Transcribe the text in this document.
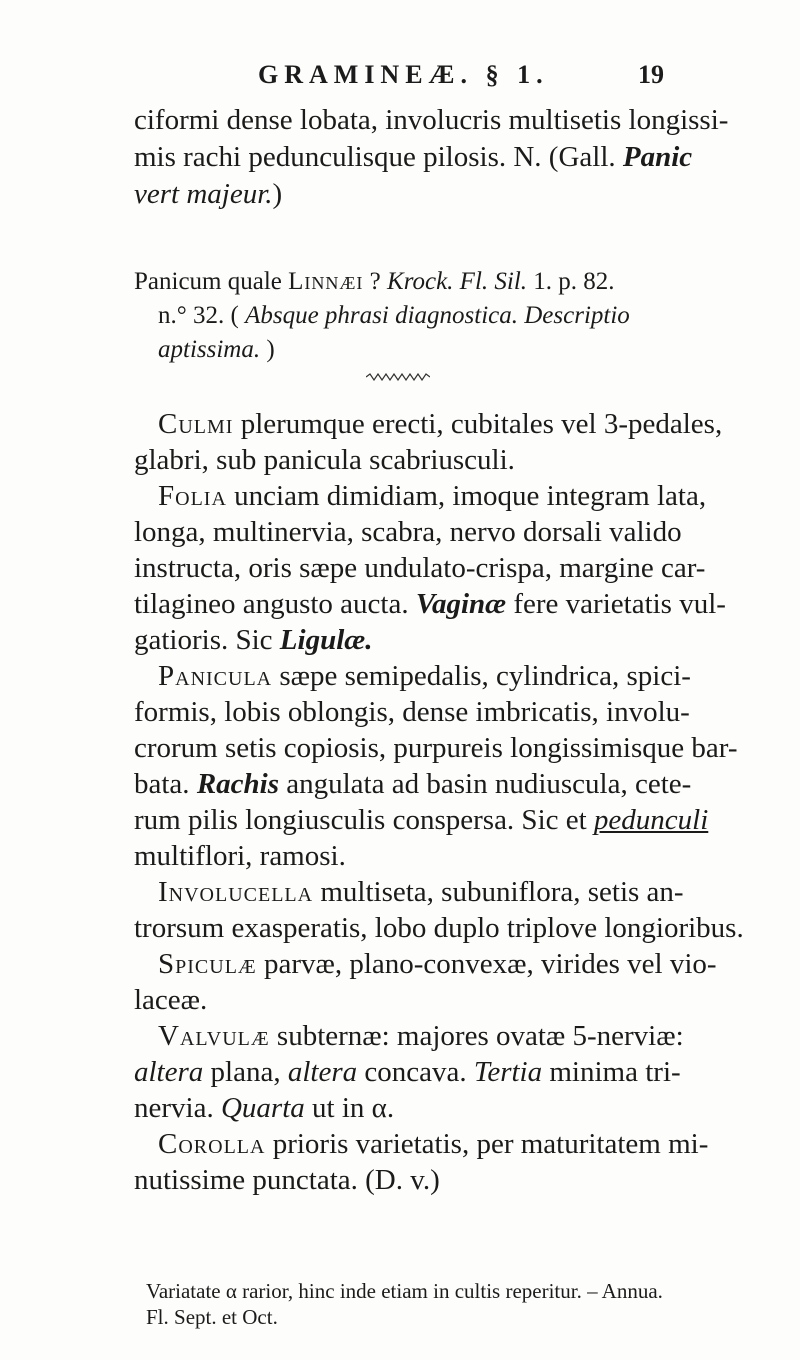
GRAMINEÆ. § 1.	19
ciformi dense lobata, involucris multisetis longissi-
mis rachi pedunculisque pilosis. N. (Gall. Panic
vert majeur.)
Panicum quale Linnæi ? Krock. Fl. Sil. 1. p. 82.
n.° 32. ( Absque phrasi diagnostica. Descriptio
aptissima. )
Culmi plerumque erecti, cubitales vel 3-pedales,
glabri, sub panicula scabriusculi.
Folia unciam dimidiam, imoque integram lata,
longa, multinervia, scabra, nervo dorsali valido
instructa, oris sæpe undulato-crispa, margine car-
tilagineo angusto aucta. Vaginæ fere varietatis vul-
gatioris. Sic Ligulæ.
Panicula sæpe semipedalis, cylindrica, spici-
formis, lobis oblongis, dense imbricatis, involu-
crorum setis copiosis, purpureis longissimisque bar-
bata. Rachis angulata ad basin nudiuscula, cete-
rum pilis longiusculis conspersa. Sic et pedunculi
multiflori, ramosi.
Involucella multiseta, subuniflora, setis an-
trorsum exasperatis, lobo duplo triplove longioribus.
Spiculæ parvæ, plano-convexæ, virides vel vio-
laceæ.
Valvulæ subternæ: majores ovatæ 5-nerviæ:
altera plana, altera concava. Tertia minima tri-
nervia. Quarta ut in α.
Corolla prioris varietatis, per maturitatem mi-
nutissime punctata. (D. v.)
Variatate α rarior, hinc inde etiam in cultis reperitur. – Annua.
Fl. Sept. et Oct.
